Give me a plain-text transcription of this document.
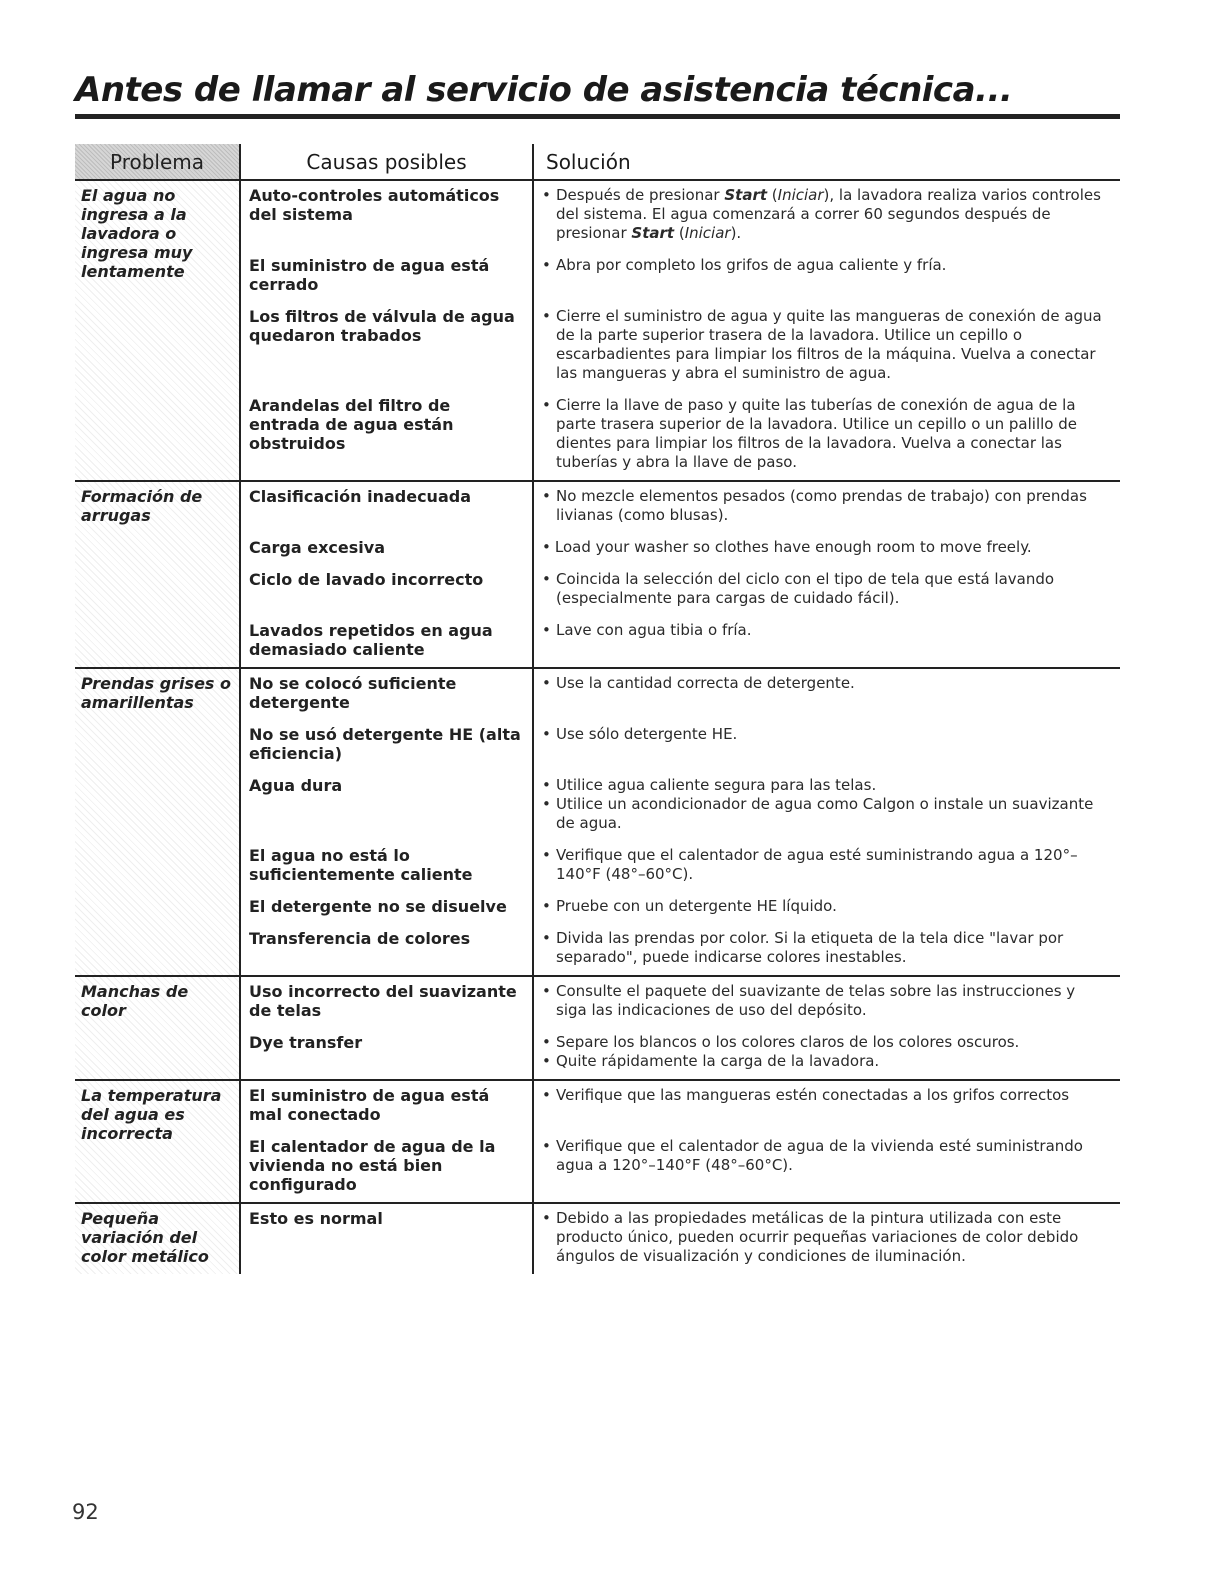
Antes de llamar al servicio de asistencia técnica...
Problema	Causas posibles	Solución
El agua no ingresa a la lavadora o ingresa muy lentamente	Auto-controles automáticos del sistema	• Después de presionar Start (Iniciar), la lavadora realiza varios controles del sistema. El agua comenzará a correr 60 segundos después de presionar Start (Iniciar).

	El suministro de agua está cerrado	• Abra por completo los grifos de agua caliente y fría.

	Los filtros de válvula de agua quedaron trabados	• Cierre el suministro de agua y quite las mangueras de conexión de agua de la parte superior trasera de la lavadora. Utilice un cepillo o escarbadientes para limpiar los filtros de la máquina. Vuelva a conectar las mangueras y abra el suministro de agua.

	Arandelas del filtro de entrada de agua están obstruidos	• Cierre la llave de paso y quite las tuberías de conexión de agua de la parte trasera superior de la lavadora. Utilice un cepillo o un palillo de dientes para limpiar los filtros de la lavadora. Vuelva a conectar las tuberías y abra la llave de paso.

Formación de arrugas	Clasificación inadecuada	• No mezcle elementos pesados (como prendas de trabajo) con prendas livianas (como blusas).

	Carga excesiva	• Load your washer so clothes have enough room to move freely.

	Ciclo de lavado incorrecto	• Coincida la selección del ciclo con el tipo de tela que está lavando (especialmente para cargas de cuidado fácil).

	Lavados repetidos en agua demasiado caliente	• Lave con agua tibia o fría.

Prendas grises o amarillentas	No se colocó suficiente detergente	• Use la cantidad correcta de detergente.

	No se usó detergente HE (alta eficiencia)	• Use sólo detergente HE.

	Agua dura	• Utilice agua caliente segura para las telas.
• Utilice un acondicionador de agua como Calgon o instale un suavizante de agua.

	El agua no está lo suficientemente caliente	• Verifique que el calentador de agua esté suministrando agua a 120°–140°F (48°–60°C).

	El detergente no se disuelve	• Pruebe con un detergente HE líquido.

	Transferencia de colores	• Divida las prendas por color. Si la etiqueta de la tela dice "lavar por separado", puede indicarse colores inestables.

Manchas de color	Uso incorrecto del suavizante de telas	• Consulte el paquete del suavizante de telas sobre las instrucciones y siga las indicaciones de uso del depósito.

	Dye transfer	• Separe los blancos o los colores claros de los colores oscuros.
• Quite rápidamente la carga de la lavadora.

La temperatura del agua es incorrecta	El suministro de agua está mal conectado	• Verifique que las mangueras estén conectadas a los grifos correctos

	El calentador de agua de la vivienda no está bien configurado	• Verifique que el calentador de agua de la vivienda esté suministrando agua a 120°–140°F (48°–60°C).

Pequeña variación del color metálico	Esto es normal	• Debido a las propiedades metálicas de la pintura utilizada con este producto único, pueden ocurrir pequeñas variaciones de color debido ángulos de visualización y condiciones de iluminación.

92
